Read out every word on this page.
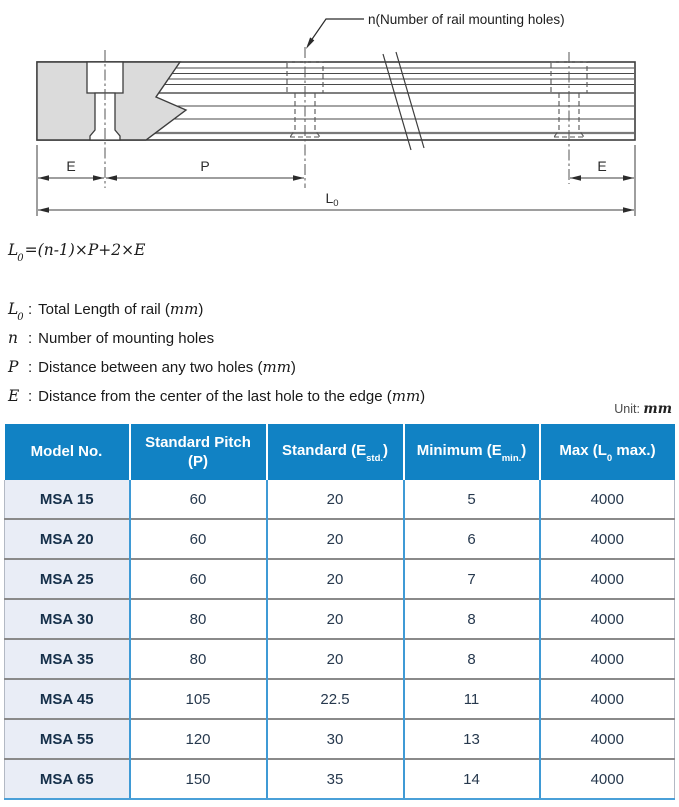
n(Number of rail mounting holes)
E	P	E
$L_0$
$L_0=(n-1)\times P+2\times E$
$L_0$ : Total Length of rail (mm)
n : Number of mounting holes
P : Distance between any two holes (mm)
E : Distance from the center of the last hole to the edge (mm)
Unit: mm
Model No.	Standard Pitch
(P)	Standard $(E_{std.})$	Minimum $(E_{min.})$	Max ($L_0$ max.)
MSA 15	60	20	5	4000
MSA 20	60	20	6	4000
MSA 25	60	20	7	4000
MSA 30	80	20	8	4000
MSA 35	80	20	8	4000
MSA 45	105	22.5	11	4000
MSA 55	120	30	13	4000
MSA 65	150	35	14	4000
